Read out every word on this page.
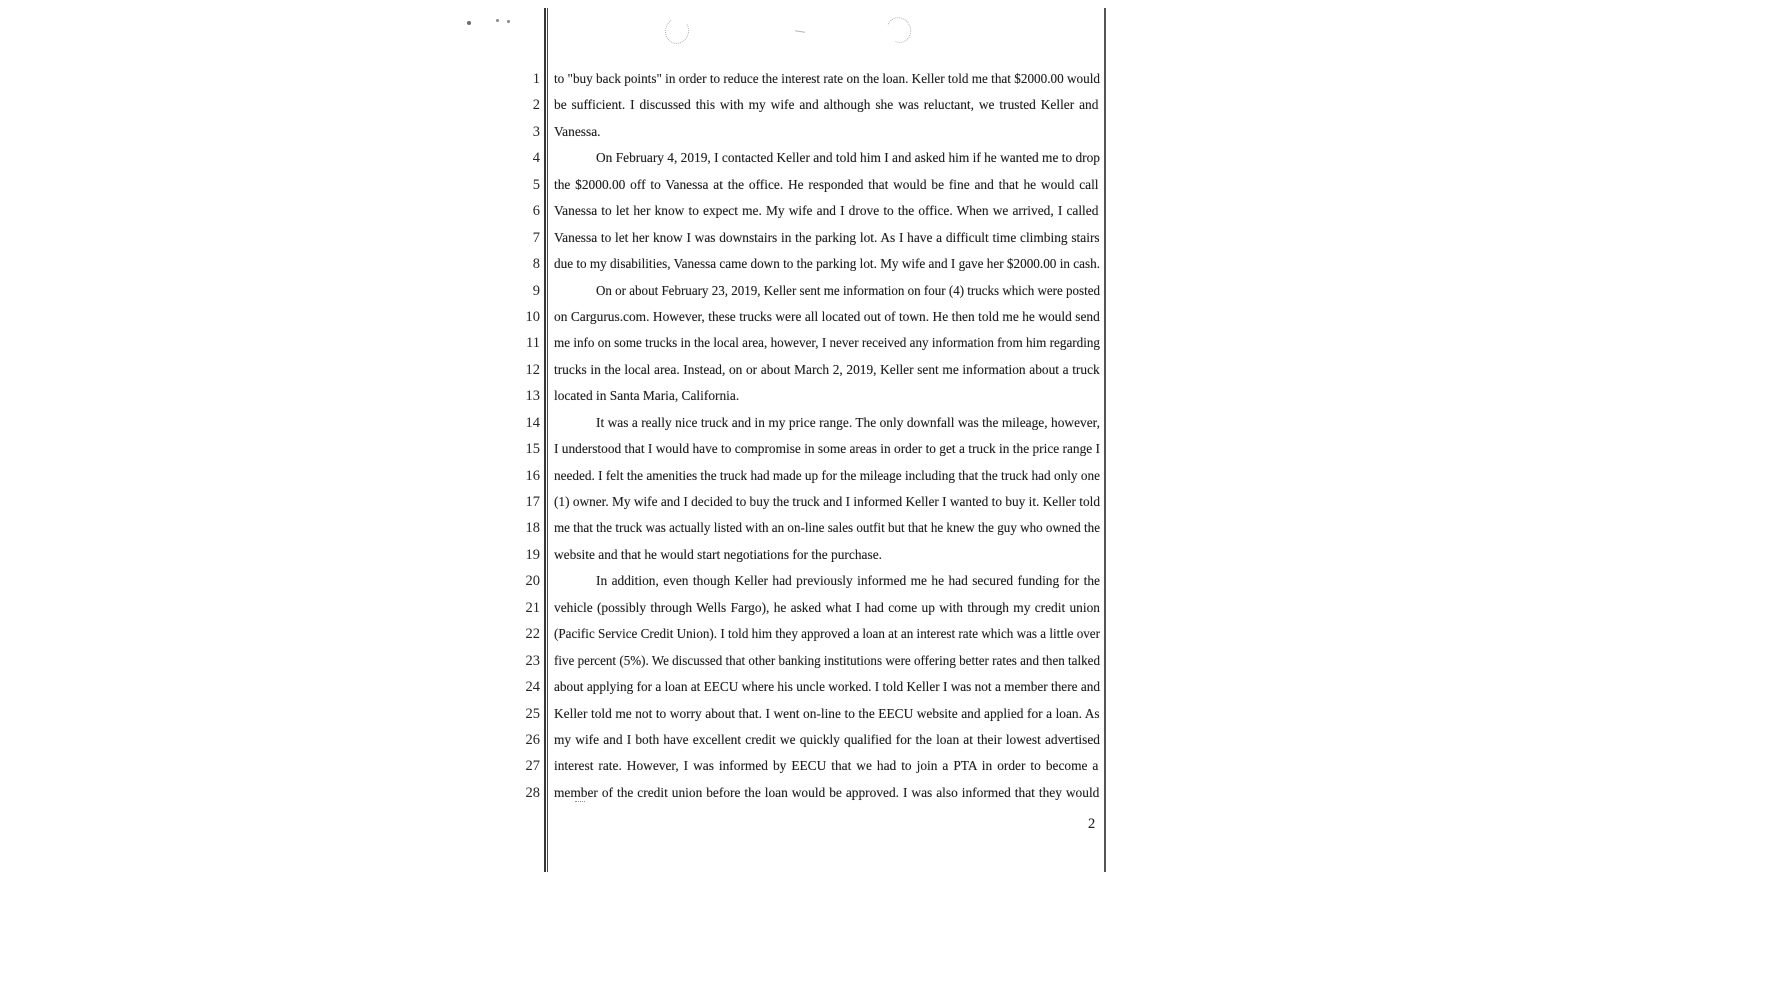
1 to "buy back points" in order to reduce the interest rate on the loan. Keller told me that $2000.00 would
2 be sufficient. I discussed this with my wife and although she was reluctant, we trusted Keller and
3 Vanessa.
4	On February 4, 2019, I contacted Keller and told him I and asked him if he wanted me to drop
5 the $2000.00 off to Vanessa at the office. He responded that would be fine and that he would call
6 Vanessa to let her know to expect me. My wife and I drove to the office. When we arrived, I called
7 Vanessa to let her know I was downstairs in the parking lot. As I have a difficult time climbing stairs
8 due to my disabilities, Vanessa came down to the parking lot. My wife and I gave her $2000.00 in cash.
9	On or about February 23, 2019, Keller sent me information on four (4) trucks which were posted
10 on Cargurus.com. However, these trucks were all located out of town. He then told me he would send
11 me info on some trucks in the local area, however, I never received any information from him regarding
12 trucks in the local area. Instead, on or about March 2, 2019, Keller sent me information about a truck
13 located in Santa Maria, California.
14	It was a really nice truck and in my price range. The only downfall was the mileage, however,
15 I understood that I would have to compromise in some areas in order to get a truck in the price range I
16 needed. I felt the amenities the truck had made up for the mileage including that the truck had only one
17 (1) owner. My wife and I decided to buy the truck and I informed Keller I wanted to buy it. Keller told
18 me that the truck was actually listed with an on-line sales outfit but that he knew the guy who owned the
19 website and that he would start negotiations for the purchase.
20	In addition, even though Keller had previously informed me he had secured funding for the
21 vehicle (possibly through Wells Fargo), he asked what I had come up with through my credit union
22 (Pacific Service Credit Union). I told him they approved a loan at an interest rate which was a little over
23 five percent (5%). We discussed that other banking institutions were offering better rates and then talked
24 about applying for a loan at EECU where his uncle worked. I told Keller I was not a member there and
25 Keller told me not to worry about that. I went on-line to the EECU website and applied for a loan. As
26 my wife and I both have excellent credit we quickly qualified for the loan at their lowest advertised
27 interest rate. However, I was informed by EECU that we had to join a PTA in order to become a
28 member of the credit union before the loan would be approved. I was also informed that they would
2
